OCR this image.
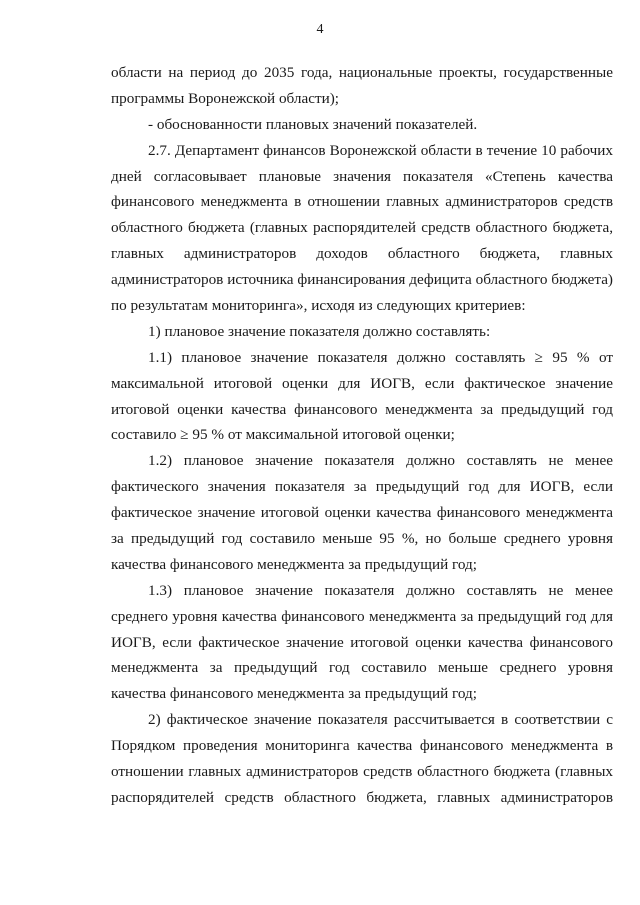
4
области на период до 2035 года, национальные проекты, государственные
программы Воронежской области);
- обоснованности плановых значений показателей.
2.7. Департамент финансов Воронежской области в течение 10 рабочих
дней согласовывает плановые значения показателя «Степень качества
финансового менеджмента в отношении главных администраторов средств
областного бюджета (главных распорядителей средств областного бюджета,
главных администраторов доходов областного бюджета, главных
администраторов источника финансирования дефицита областного бюджета)
по результатам мониторинга», исходя из следующих критериев:
1) плановое значение показателя должно составлять:
1.1) плановое значение показателя должно составлять ≥ 95 % от
максимальной итоговой оценки для ИОГВ, если фактическое значение
итоговой оценки качества финансового менеджмента за предыдущий год
составило ≥ 95 % от максимальной итоговой оценки;
1.2) плановое значение показателя должно составлять не менее
фактического значения показателя за предыдущий год для ИОГВ, если
фактическое значение итоговой оценки качества финансового менеджмента
за предыдущий год составило меньше 95 %, но больше среднего уровня
качества финансового менеджмента за предыдущий год;
1.3) плановое значение показателя должно составлять не менее
среднего уровня качества финансового менеджмента за предыдущий год для
ИОГВ, если фактическое значение итоговой оценки качества финансового
менеджмента за предыдущий год составило меньше среднего уровня
качества финансового менеджмента за предыдущий год;
2) фактическое значение показателя рассчитывается в соответствии с
Порядком проведения мониторинга качества финансового менеджмента в
отношении главных администраторов средств областного бюджета (главных
распорядителей средств областного бюджета, главных администраторов
